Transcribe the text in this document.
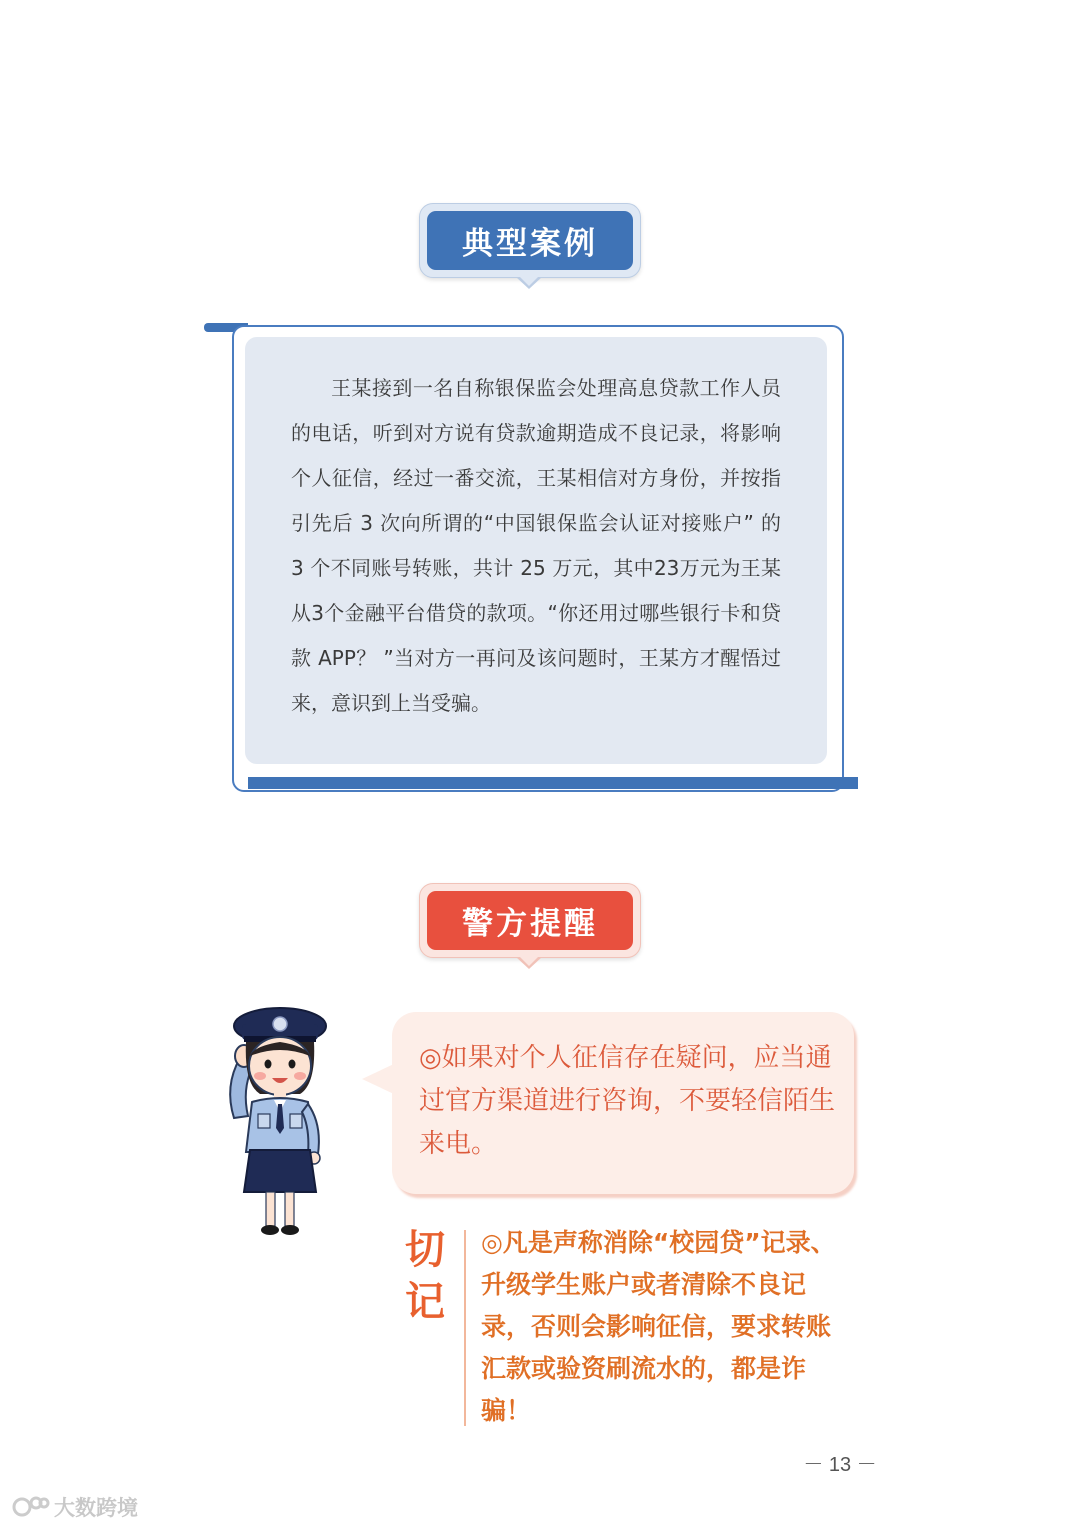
典型案例

王某接到一名自称银保监会处理高息贷款工作人员的电话，听到对方说有贷款逾期造成不良记录，将影响个人征信，经过一番交流，王某相信对方身份，并按指引先后 3 次向所谓的“中国银保监会认证对接账户” 的 3 个不同账号转账，共计 25 万元，其中23万元为王某从3个金融平台借贷的款项。“你还用过哪些银行卡和贷款 APP？ ”当对方一再问及该问题时，王某方才醒悟过来，意识到上当受骗。

警方提醒
◎如果对个人征信存在疑问，应当通过官方渠道进行咨询，不要轻信陌生来电。
切
记
◎凡是声称消除“校园贷”记录、升级学生账户或者清除不良记录，否则会影响征信，要求转账汇款或验资刷流水的，都是诈骗！
－ 13 －
大数跨境
